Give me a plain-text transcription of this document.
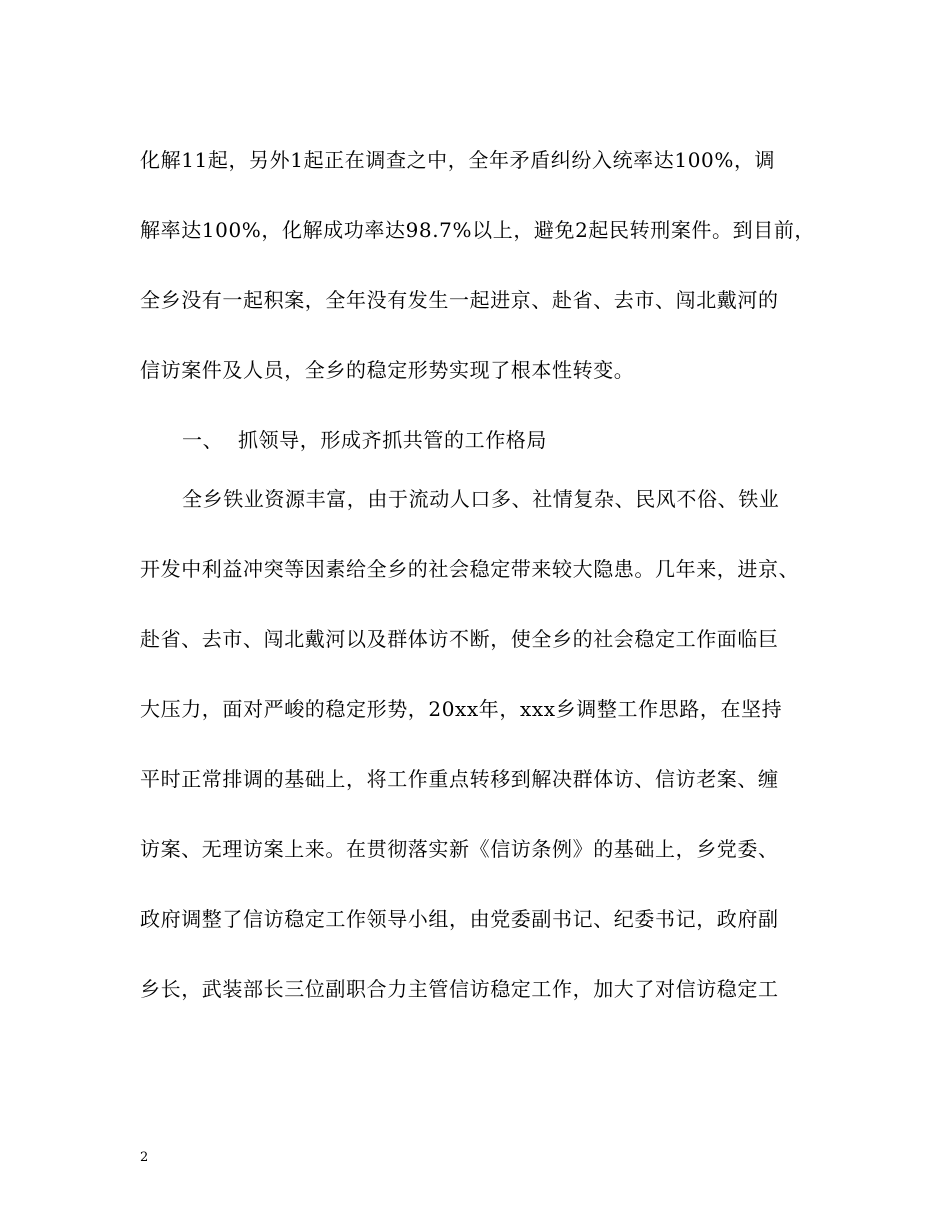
化解11起，另外1起正在调查之中，全年矛盾纠纷入统率达100%，调
解率达100%，化解成功率达98.7%以上，避免2起民转刑案件。到目前，
全乡没有一起积案，全年没有发生一起进京、赴省、去市、闯北戴河的
信访案件及人员，全乡的稳定形势实现了根本性转变。
一、 抓领导，形成齐抓共管的工作格局
全乡铁业资源丰富，由于流动人口多、社情复杂、民风不俗、铁业
开发中利益冲突等因素给全乡的社会稳定带来较大隐患。几年来，进京、
赴省、去市、闯北戴河以及群体访不断，使全乡的社会稳定工作面临巨
大压力，面对严峻的稳定形势，20xx年，xxx乡调整工作思路，在坚持
平时正常排调的基础上，将工作重点转移到解决群体访、信访老案、缠
访案、无理访案上来。在贯彻落实新《信访条例》的基础上，乡党委、
政府调整了信访稳定工作领导小组，由党委副书记、纪委书记，政府副
乡长，武装部长三位副职合力主管信访稳定工作，加大了对信访稳定工
2
